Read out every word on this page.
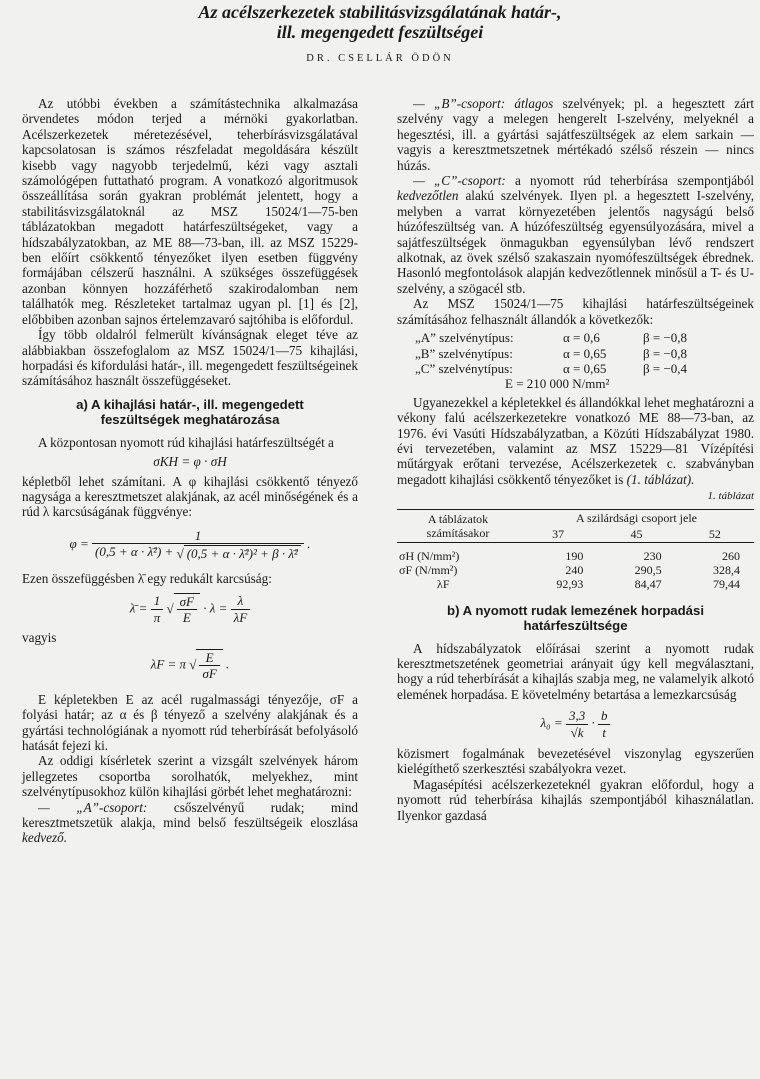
Az acélszerkezetek stabilitásvizsgálatának határ-,
ill. megengedett feszültségei
DR. CSELLÁR ÖDÖN

Az utóbbi években a számítástechnika alkalmazása örvendetes módon terjed a mérnöki gyakorlatban. Acélszerkezetek méretezésével, teherbírásvizsgálatával kapcsolatosan is számos részfeladat megoldására készült kisebb vagy nagyobb terjedelmű, kézi vagy asztali számológépen futtatható program. A vonatkozó algoritmusok összeállítása során gyakran problémát jelentett, hogy a stabilitásvizsgálatoknál az MSZ 15024/1—75-ben táblázatokban megadott határfeszültségeket, vagy a hídszabályzatokban, az ME 88—73-ban, ill. az MSZ 15229-ben előírt csökkentő tényezőket ilyen esetben függvény formájában célszerű használni. A szükséges összefüggések azonban könnyen hozzáférhető szakirodalomban nem találhatók meg. Részleteket tartalmaz ugyan pl. [1] és [2], előbbiben azonban sajnos értelemzavaró sajtóhiba is előfordul.

Így több oldalról felmerült kívánságnak eleget téve az alábbiakban összefoglalom az MSZ 15024/1—75 kihajlási, horpadási és kifordulási határ-, ill. megengedett feszültségeinek számításához használt összefüggéseket.

a) A kihajlási határ-, ill. megengedett
feszültségek meghatározása

A központosan nyomott rúd kihajlási határfeszültségét a

σKH = φ · σH

képletből lehet számítani. A φ kihajlási csökkentő tényező nagysága a keresztmetszet alakjának, az acél minőségének és a rúd λ karcsúságának függvénye:

$\varphi = \frac{1}{\text{(0,5 + α · λ̄²) + √ (0,5 + α · λ̄²)² + β · λ̄²}}$ .

Ezen összefüggésben λ̄ egy redukált karcsúság:

λ̄ = $\frac{1}{\pi}$ √ $\frac{\sigma F}{E} \cdot \lambda = \frac{\lambda}{\lambda F}$

vagyis

λF = π √ $\frac{E}{\sigma F}$ .

E képletekben E az acél rugalmassági tényezője, σF a folyási határ; az α és β tényező a szelvény alakjának és a gyártási technológiának a nyomott rúd teherbírását befolyásoló hatását fejezi ki.

Az oddigi kísérletek szerint a vizsgált szelvények három jellegzetes csoportba sorolhatók, melyekhez, mint szelvénytípusokhoz külön kihajlási görbét lehet meghatározni:

— „A”-csoport: csőszelvényű rudak; mind keresztmetszetük alakja, mind belső feszültségeik eloszlása kedvező.

— „B”-csoport: átlagos szelvények; pl. a hegesztett zárt szelvény vagy a melegen hengerelt I-szelvény, melyeknél a hegesztési, ill. a gyártási sajátfeszültségek az elem sarkain — vagyis a keresztmetszetnek mértékadó szélső részein — nincs húzás.

— „C”-csoport: a nyomott rúd teherbírása szempontjából kedvezőtlen alakú szelvények. Ilyen pl. a hegesztett I-szelvény, melyben a varrat környezetében jelentős nagyságú belső húzófeszültség van. A húzófeszültség egyensúlyozására, mivel a sajátfeszültségek önmagukban egyensúlyban lévő rendszert alkotnak, az övek szélső szakaszain nyomófeszültségek ébrednek. Hasonló megfontolások alapján kedvezőtlennek minősül a T- és U-szelvény, a szögacél stb.

Az MSZ 15024/1—75 kihajlási határfeszültségeinek számításához felhasznált állandók a következők:

„A” szelvénytípus:	α = 0,6	β = −0,8
„B” szelvénytípus:	α = 0,65	β = −0,8
„C” szelvénytípus:	α = 0,65	β = −0,4
E = 210 000 N/mm²

Ugyanezekkel a képletekkel és állandókkal lehet meghatározni a vékony falú acélszerkezetekre vonatkozó ME 88—73-ban, az 1976. évi Vasúti Hídszabályzatban, a Közúti Hídszabályzat 1980. évi tervezetében, valamint az MSZ 15229—81 Vízépítési műtárgyak erőtani tervezése, Acélszerkezetek c. szabványban megadott kihajlási csökkentő tényezőket is (1. táblázat).

1. táblázat
A táblázatok
számításakor	A szilárdsági csoport jele		
	37	45	52
σH (N/mm²)	190	230	260
σF (N/mm²)	240	290,5	328,4
λF	92,93	84,47	79,44
b) A nyomott rudak lemezének horpadási
határfeszültsége

A hídszabályzatok előírásai szerint a nyomott rudak keresztmetszetének geometriai arányait úgy kell megválasztani, hogy a rúd teherbírását a kihajlás szabja meg, ne valamelyik alkotó elemének horpadása. E követelmény betartása a lemezkarcsúság

$\lambda_0 = \frac{3,3}{√k} \cdot \frac{b}{t}$

közismert fogalmának bevezetésével viszonylag egyszerűen kielégíthető szerkesztési szabályokra vezet.

Magasépítési acélszerkezeteknél gyakran előfordul, hogy a nyomott rúd teherbírása kihajlás szempontjából kihasználatlan. Ilyenkor gazdasá
